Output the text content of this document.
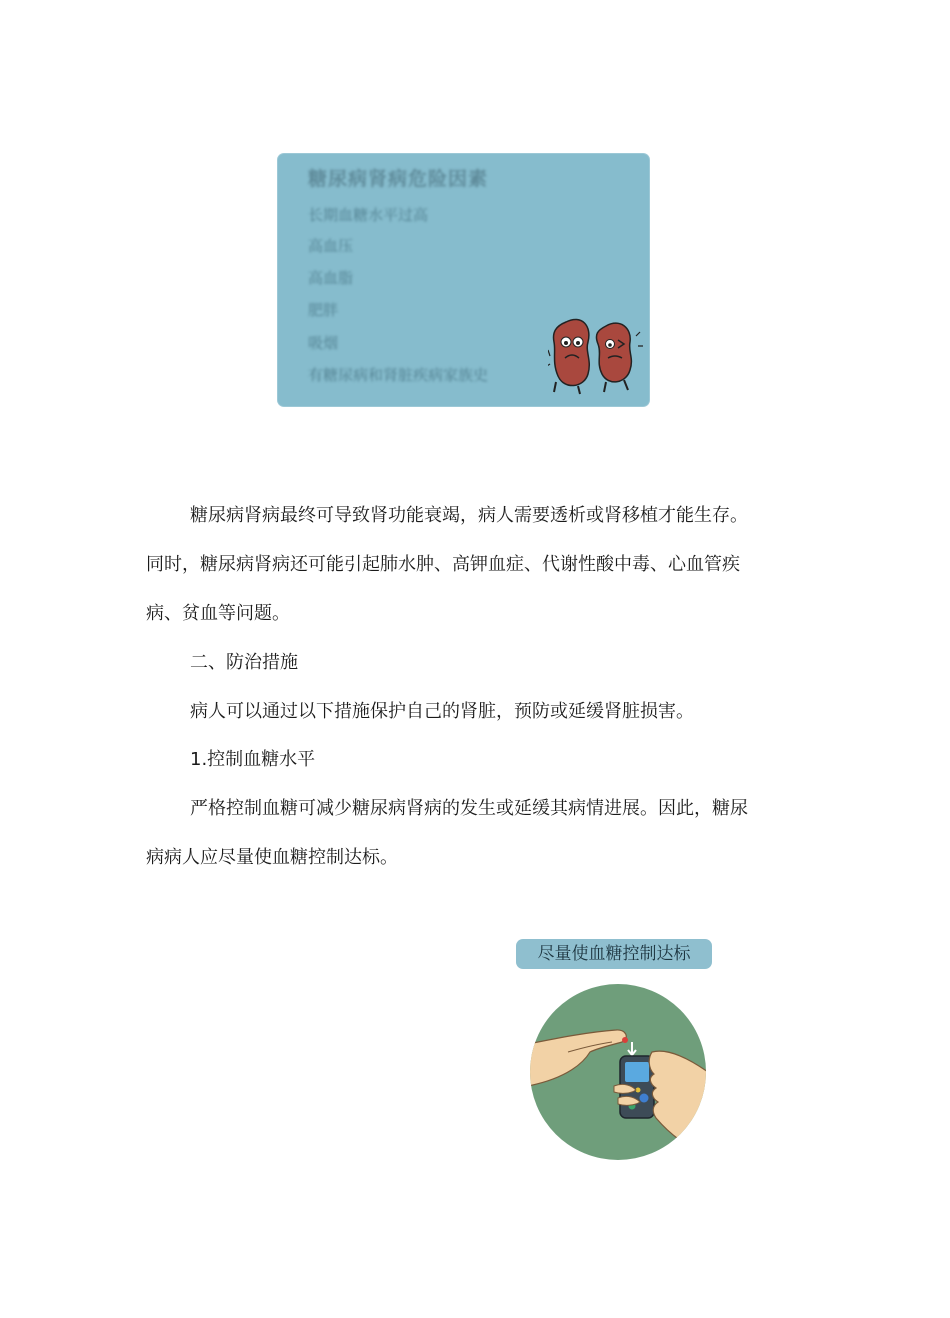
糖尿病肾病危险因素
长期血糖水平过高
高血压
高血脂
肥胖
吸烟
有糖尿病和肾脏疾病家族史

糖尿病肾病最终可导致肾功能衰竭，病人需要透析或肾移植才能生存。

同时，糖尿病肾病还可能引起肺水肿、高钾血症、代谢性酸中毒、心血管疾

病、贫血等问题。

二、防治措施

病人可以通过以下措施保护自己的肾脏，预防或延缓肾脏损害。

1.控制血糖水平

严格控制血糖可减少糖尿病肾病的发生或延缓其病情进展。因此，糖尿

病病人应尽量使血糖控制达标。

尽量使血糖控制达标
